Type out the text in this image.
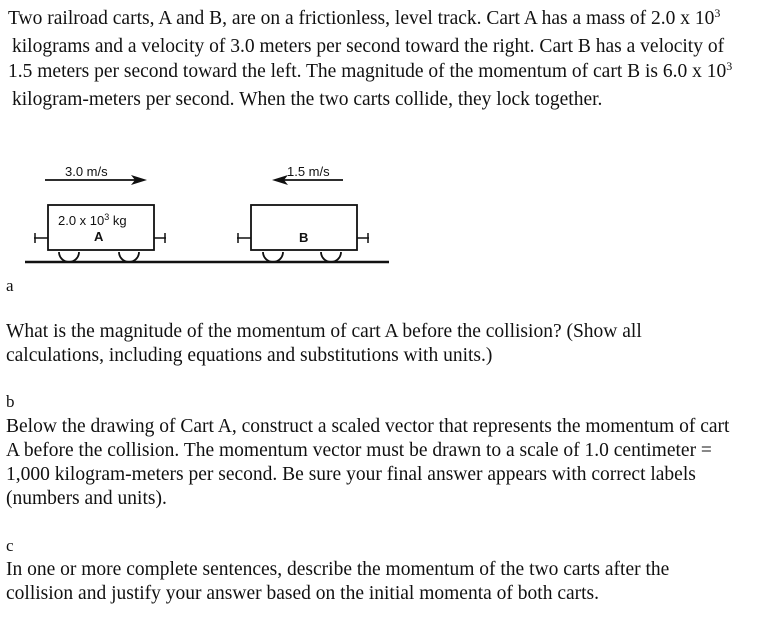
Two railroad carts, A and B, are on a frictionless, level track. Cart A has a mass of 2.0 x $10^3$
kilograms and a velocity of 3.0 meters per second toward the right. Cart B has a velocity of
1.5 meters per second toward the left. The magnitude of the momentum of cart B is 6.0 x $10^3$
kilogram-meters per second. When the two carts collide, they lock together.
3.0 m/s	1.5 m/s
2.0 x $10^3$ kg
A	B
a
What is the magnitude of the momentum of cart A before the collision? (Show all
calculations, including equations and substitutions with units.)
b
Below the drawing of Cart A, construct a scaled vector that represents the momentum of cart
A before the collision. The momentum vector must be drawn to a scale of 1.0 centimeter =
1,000 kilogram-meters per second. Be sure your final answer appears with correct labels
(numbers and units).
c
In one or more complete sentences, describe the momentum of the two carts after the
collision and justify your answer based on the initial momenta of both carts.
